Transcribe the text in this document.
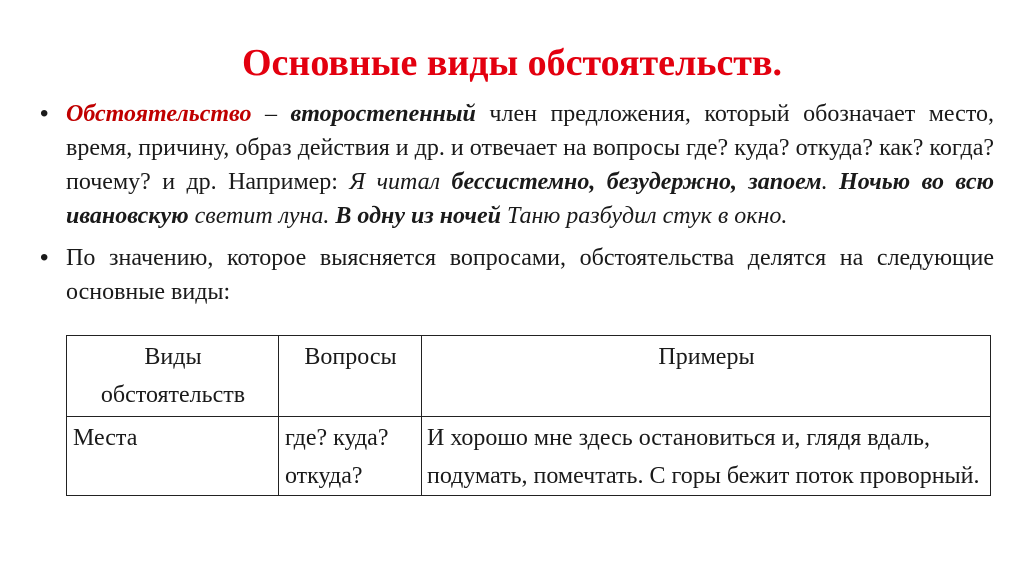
Основные виды обстоятельств.
• Обстоятельство – второстепенный член предложения, который обозначает место, время, причину, образ действия и др. и отвечает на вопросы где? куда? откуда? как? когда? почему? и др. Например: Я читал бессистемно, безудержно, запоем. Ночью во всю ивановскую светит луна. В одну из ночей Таню разбудил стук в окно.
• По значению, которое выясняется вопросами, обстоятельства делятся на следующие основные виды:
Виды обстоятельств	Вопросы	Примеры
Места	где? куда? откуда?	И хорошо мне здесь остановиться и, глядя вдаль, подумать, помечтать. С горы бежит поток проворный.
